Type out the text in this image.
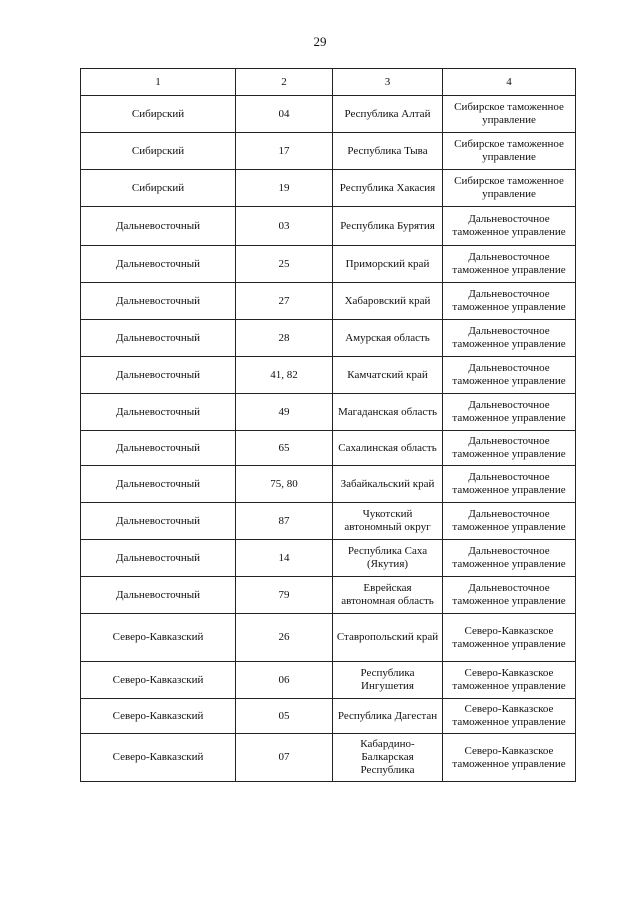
29
1	2	3	4
Сибирский	04	Республика Алтай	Сибирское таможенное управление
Сибирский	17	Республика Тыва	Сибирское таможенное управление
Сибирский	19	Республика Хакасия	Сибирское таможенное управление
Дальневосточный	03	Республика Бурятия	Дальневосточное таможенное управление
Дальневосточный	25	Приморский край	Дальневосточное таможенное управление
Дальневосточный	27	Хабаровский край	Дальневосточное таможенное управление
Дальневосточный	28	Амурская область	Дальневосточное таможенное управление
Дальневосточный	41, 82	Камчатский край	Дальневосточное таможенное управление
Дальневосточный	49	Магаданская область	Дальневосточное таможенное управление
Дальневосточный	65	Сахалинская область	Дальневосточное таможенное управление
Дальневосточный	75, 80	Забайкальский край	Дальневосточное таможенное управление
Дальневосточный	87	Чукотский автономный округ	Дальневосточное таможенное управление
Дальневосточный	14	Республика Саха (Якутия)	Дальневосточное таможенное управление
Дальневосточный	79	Еврейская автономная область	Дальневосточное таможенное управление
Северо-Кавказский	26	Ставропольский край	Северо-Кавказское таможенное управление
Северо-Кавказский	06	Республика Ингушетия	Северо-Кавказское таможенное управление
Северо-Кавказский	05	Республика Дагестан	Северо-Кавказское таможенное управление
Северо-Кавказский	07	Кабардино-Балкарская Республика	Северо-Кавказское таможенное управление
